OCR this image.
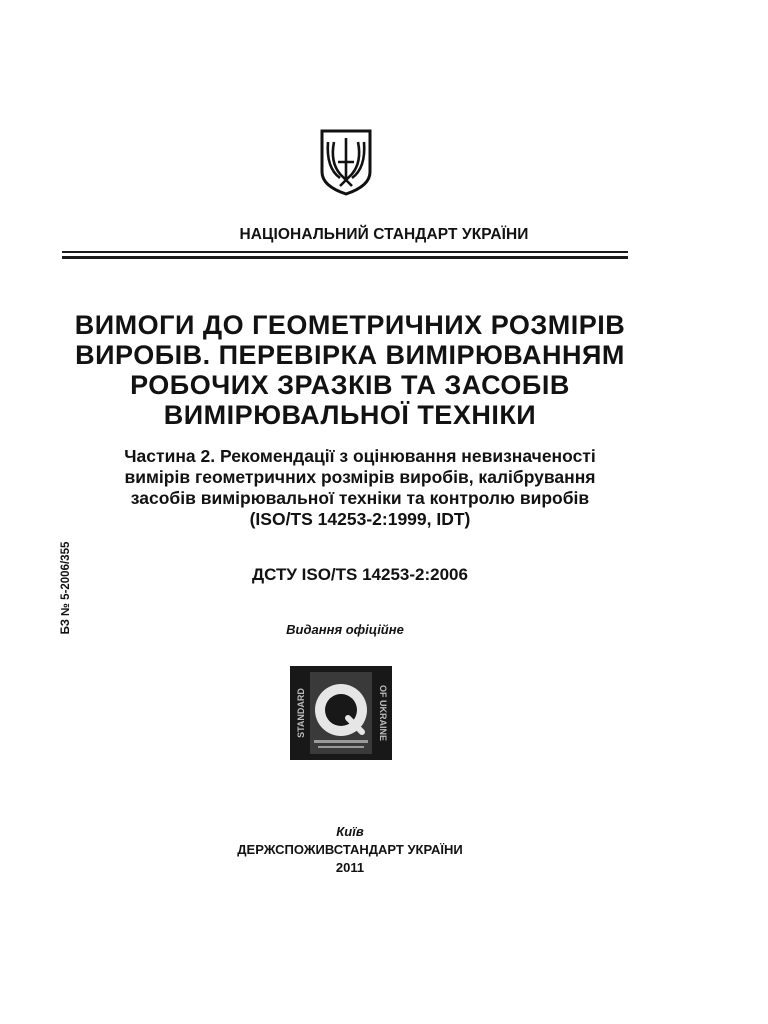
НАЦІОНАЛЬНИЙ СТАНДАРТ УКРАЇНИ
ВИМОГИ ДО ГЕОМЕТРИЧНИХ РОЗМІРІВ
ВИРОБІВ. ПЕРЕВІРКА ВИМІРЮВАННЯМ
РОБОЧИХ ЗРАЗКІВ ТА ЗАСОБІВ
ВИМІРЮВАЛЬНОЇ ТЕХНІКИ
Частина 2. Рекомендації з оцінювання невизначеності
вимірів геометричних розмірів виробів, калібрування
засобів вимірювальної техніки та контролю виробів
(ISO/TS 14253-2:1999, IDT)
ДСТУ ISO/TS 14253-2:2006
Видання офіційне
БЗ № 5-2006/355
STANDARD	OF UKRAINE
Київ
ДЕРЖСПОЖИВСТАНДАРТ УКРАЇНИ
2011
